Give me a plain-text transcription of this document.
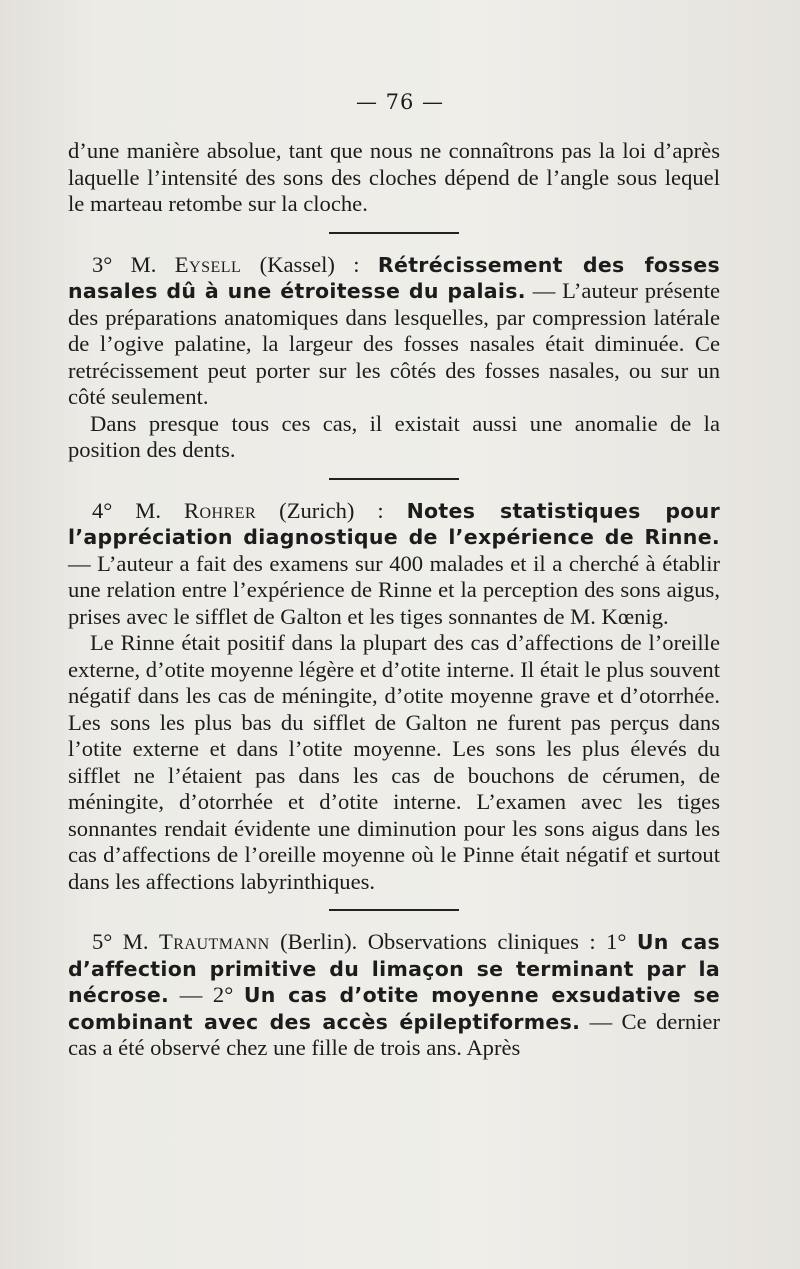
— 76 —

d’une manière absolue, tant que nous ne connaîtrons pas la loi d’après laquelle l’intensité des sons des cloches dépend de l’angle sous lequel le marteau retombe sur la cloche.

3° M. Eysell (Kassel) : Rétrécissement des fosses nasales dû à une étroitesse du palais. — L’auteur présente des préparations anatomiques dans lesquelles, par compression latérale de l’ogive palatine, la largeur des fosses nasales était diminuée. Ce retrécissement peut porter sur les côtés des fosses nasales, ou sur un côté seulement.

Dans presque tous ces cas, il existait aussi une anomalie de la position des dents.

4° M. Rohrer (Zurich) : Notes statistiques pour l’appréciation diagnostique de l’expérience de Rinne. — L’auteur a fait des examens sur 400 malades et il a cherché à établir une relation entre l’expérience de Rinne et la perception des sons aigus, prises avec le sifflet de Galton et les tiges sonnantes de M. Kœnig.

Le Rinne était positif dans la plupart des cas d’affections de l’oreille externe, d’otite moyenne légère et d’otite interne. Il était le plus souvent négatif dans les cas de méningite, d’otite moyenne grave et d’otorrhée. Les sons les plus bas du sifflet de Galton ne furent pas perçus dans l’otite externe et dans l’otite moyenne. Les sons les plus élevés du sifflet ne l’étaient pas dans les cas de bouchons de cérumen, de méningite, d’otorrhée et d’otite interne. L’examen avec les tiges sonnantes rendait évidente une diminution pour les sons aigus dans les cas d’affections de l’oreille moyenne où le Pinne était négatif et surtout dans les affections labyrinthiques.

5° M. Trautmann (Berlin). Observations cliniques : 1° Un cas d’affection primitive du limaçon se terminant par la nécrose. — 2° Un cas d’otite moyenne exsudative se combinant avec des accès épileptiformes. — Ce dernier cas a été observé chez une fille de trois ans. Après
